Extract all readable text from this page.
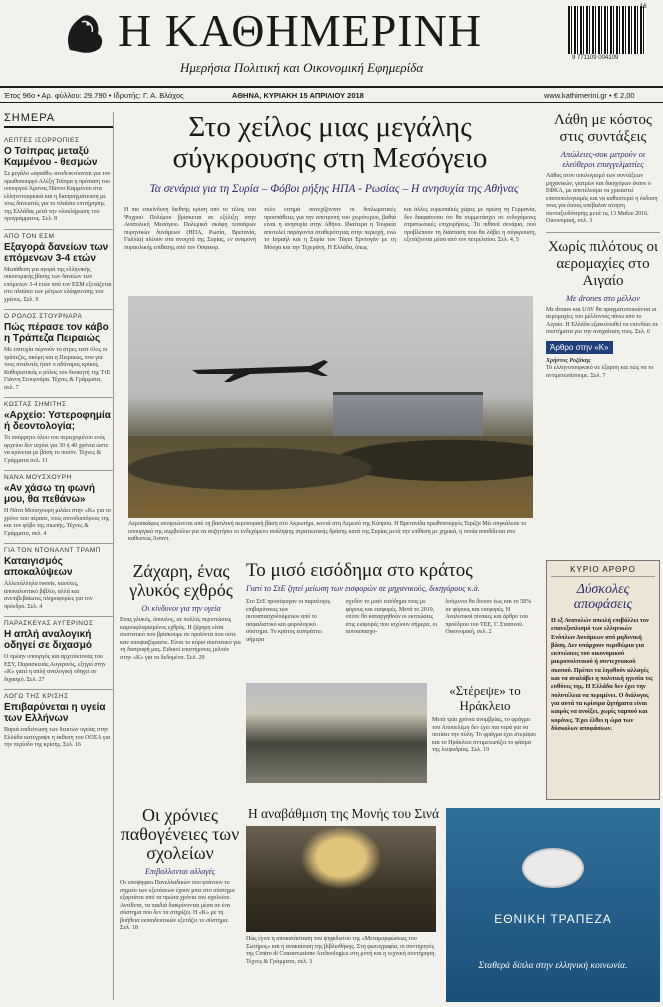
Η ΚΑΘΗΜΕΡΙΝΗ
Ημερήσια Πολιτική και Οικονομική Εφημερίδα
9 771109 004109
16
Έτος 96ο • Αρ. φύλλου: 29.790 • Ιδρυτής: Γ. Α. Βλάχος	ΑΘΗΝΑ, ΚΥΡΙΑΚΗ 15 ΑΠΡΙΛΙΟΥ 2018	www.kathimerini.gr • € 2,00
ΣΗΜΕΡΑ
ΛΕΠΤΕΣ ΙΣΟΡΡΟΠΙΕΣ
Ο Τσίπρας μεταξύ Καμμένου - θεσμών
Σε μεγάλο «αγκάθι» ανοδεικνύονται για τον πρωθυπουργό Αλέξη Τσίπρα η πρόταση του υπουργού Άμυνας Πάνου Καμμένου στα ελληνοτουρκικά και η διαπραγμάτευση με τους δανειστές για το πλαίσιο επιτήρησης της Ελλάδας μετά την ολοκλήρωση του προγράμματος. Σελ. 8
ΑΠΟ ΤΟΝ ΕΣΜ
Εξαγορά δανείων των επόμενων 3-4 ετών
Μεσάθεση για αγορά της ελληνικής οικονομικής βάσης των δανείων των επόμενων 3-4 ετών από τον ΕΣΜ εξετάζεται στο πλαίσιο των μέτρων ελάφρυνσης του χρέους. Σελ. 9
Ο ΡΟΛΟΣ ΣΤΟΥΡΝΑΡΑ
Πώς πέρασε τον κάβο η Τράπεζα Πειραιώς
Με επιτυχία πέρνούν το στρες τεστ όλες οι τράπεζες, ακόμη και η Πειραιώς, που για τους αναλυτές ήταν ο αδύναμος κρίκος. Καθοριστικός ο ρόλος του διοικητή της ΤτΕ Γιάννη Στουρνάρα. Τέχνες & Γράμματα, σελ. 7
ΚΩΣΤΑΣ ΣΗΜΙΤΗΣ
«Αρχείο: Υστεροφημία ή δεοντολογία;
Το απόρρητο όλου του περιεχομένου ενός αρχείου δεν ισχύει για 30 ή 40 χρόνια ώστε να κρίνεται με βάση το ποσόν. Τέχνες & Γράμματα σελ. 11
ΝΑΝΑ ΜΟΥΣΧΟΥΡΗ
«Αν χάσω τη φωνή μου, θα πεθάνω»
Η Νάνα Μούσχουρη μιλάει στην «Κ» για το χρόνο που πέρασε, τους συνοδοιπόρους της και τον φόβο της σιωπής. Τέχνες & Γράμματα, σελ. 4
ΓΙΑ ΤΟΝ ΝΤΟΝΑΛΝΤ ΤΡΑΜΠ
Καταιγισμός αποκαλύψεων
Αλλεπάλληλα tweets, καούτες, αποκαλυπτικό βιβλίο, αλλά και ανεπιβεβαίωτες πληροφορίες για τον πρόεδρο. Σελ. 4
ΠΑΡΑΣΚΕΥΑΣ ΑΥΓΕΡΙΝΟΣ
Η απλή αναλογική οδηγεί σε διχασμό
Ο πρώην υπουργός και αρχιτέκτονας του ΕΣΥ, Παρασκευάς Αυγερινός, εξηγεί στην «Κ» γιατί η απλή αναλογική οδηγεί σε διχασμό. Σελ. 27
ΛΟΓΩ ΤΗΣ ΚΡΙΣΗΣ
Επιβαρύνεται η υγεία των Ελλήνων
Βαριά επιδείνωση των δεικτών υγείας στην Ελλάδα κατέγραψε η έκθεση του ΟΟΣΑ για την περίοδο της κρίσης. Σελ. 16
Στο χείλος μιας μεγάλης σύγκρουσης στη Μεσόγειο
Τα σενάρια για τη Συρία – Φόβοι ρήξης ΗΠΑ - Ρωσίας – Η ανησυχία της Αθήνας

Η πιο επικίνδυνη διεθνής κρίση από το τέλος του Ψυχρού Πολέμου βρίσκεται σε εξέλιξη στην Ανατολική Μεσόγειο. Πολεμικά σκάφη τεσσάρων πυρηνικών δυνάμεων (ΗΠΑ, Ρωσία, Βρετανία, Γαλλία) πλέουν στα ανοιχτά της Συρίας, εν αναμονή πυραυλικής επίθεσης από τον Οσφικορ.

τολο ειτημά συνεχίζονταν οι διπλωματικές προσπάθειες για την αποτροπή του χειρότερου, βαθιά είναι η ανησυχία στην Αθήνα. Ιδιαίτερα η Τουρκία αποτελεί παράγοντα σταθερότητας στην περιοχή, ενώ το Ισραήλ και η Συρία τον Τάγιπ Ερντογάν με τη Μόσχα και την Τεχεράνη. Η Ελλάδα, όπως

και άλλες ευρωπαϊκές χώρες με πρώτη τη Γερμανία, δεν διαφαίνεται ότι θα συμμετάσχει σε ενδεχόμενες στρατιωτικές επιχειρήσεις. Τα πιθανά σενάρια, πού προβλέπουν τη διάσταση που θα λάβει η σύγκρουση, εξετάζονται μέσα από τον πετρελαίου. Σελ. 4, 5

Αεροσκάφος απογειώνεται από τη βασιλική αεροπορική βάση στο Ακρωτήρι, κοντά στη Λεμεσό της Κύπρου. Η Βρετανίδα πρωθυπουργός Τερέζα Μέι συγκάλεσε το υπουργικό της συμβούλιο για να συζητήσει το ενδεχόμενο ανάληψης στρατιωτικής δράσης κατά της Συρίας μετά την επίθεση με χημικά, η οποία αποδίδεται στο καθεστώς Άσαντ.
Λάθη με κόστος στις συντάξεις
Απώλειες-σοκ μετρούν οι ελεύθεροι επαγγελματίες
Λάθος στον υπολογισμό των συντάξεων μηχανικών, γιατρών και δικηγόρων έκανε ο ΕΦΚΑ, με αποτέλεσμα να χρειαστεί επανυπολογισμός και να καθυστερεί η έκδοση τους για όσους υπέβαλαν αίτηση συνταξιοδότησης μετά τις 13 Μαΐου 2016. Οικονομική, σελ. 3
Χωρίς πιλότους οι αερομαχίες στο Αιγαίο
Με drones στο μέλλον
Με drones και UAV θα πραγματοποιούνται οι αερομαχίες του μέλλοντος πάνω από το Αιγαίο. Η Ελλάδα εξακολουθεί να επενδύει σε συστήματα για την αναχαίτιση τους. Σελ. 6
Άρθρο στην «Κ»
Χρήστος Ροζάκης
Το ελληνοτουρκικό σε έξαρση και πώς να το αντιμετωπίσουμε. Σελ. 7
ΚΥΡΙΟ ΑΡΘΡΟ
Δύσκολες αποφάσεις
Η εξ Ανατολών απειλή επιβάλλει τον επανεξοπλισμό των ελληνικών Ενόπλων Δυνάμεων από μηδενική βάση. Δεν υπάρχουν περιθώρια για εκπτώσεις του οικονομικού μικροπολιτικού ή συντεχνιακού σκοπού. Πρέπει να ληφθούν αλλαγές και να αναλάβει η πολιτική ηγεσία τις ευθύνες της. Η Ελλάδα δεν έχει την πολυτέλεια να περιμένει. Ο διάλογος για αυτά τα κρίσιμα ζητήματα είναι καιρός να ανοίξει, χωρίς ταμπού και κορόνες. Έχει έλθει η ώρα των δύσκολων αποφάσεων.
Ζάχαρη, ένας γλυκός εχθρός
Οι κίνδυνοι για την υγεία
Ενας γλυκός, ύπουλος, σε πολλές περιπτώσεις καμουφλαρισμένος εχθρός. Η ζάχαρη είναι συστατικό που βρίσκουμε σε προϊόντα που ούτε καν υποψιαζόμαστε. Είναι το κύριο συστατικό για τη διατροφή μας. Ειδικοί επιστήμονες μιλούν στην «Κ» για τα δεδομένα. Σελ. 29
Το μισό εισόδημα στο κράτος
Γιατί το ΣτΕ ζητεί μείωση των εισφορών σε μηχανικούς, δικηγόρους κ.ά.

Στο ΣτΕ προσέφυγαν οι παραλογες επιβαρύνσεις των αυτοαπασχολούμενων από το ασφαλιστικό και φορολογικό σύστημα. Το κράτος εισπράττει σήμερα

σχεδόν το μισό εισόδημα τους με φόρους και εισφορές. Μετά το 2019, οπότε θα καταργηθούν οι εκπτώσεις στις εισφορές που ισχύουν σήμερα, οι αυτοαπασχο-

λούμενοι θα δίνουν έως και το 58% σε φόρους και εισφορές. Η Αναλυτικοί πίνακες και άρθρο του προέδρου του ΤΕΕ, Γ. Στασινού. Οικονομική, σελ. 2

«Στέρεψε» το Ηράκλειο

Μετά τρία χρόνια ανομβρίας, το φράγμα του Αποσελέμη δεν έχει πια νερά για να ποτίσει την πόλη. Το φράγμα έχει στερέψει και το Ηράκλειο αντιμετωπίζει το φάσμα της λειψυδρίας. Σελ. 19

Οι χρόνιες παθογένειες των σχολείων
Επιβαλλονται αλλαγές
Οι υποψηφιοι Πανελλαδικών που φτάνουν το σημείο των εξετάσεων έχουν μπει στο σύστημα εξαρτάται από τα πρώτα χρόνια του σχολείου. Αντίθετα, τα παιδιά διακρίνονται μέσα σε ένα σύστημα που δεν τα στηρίζει. Η «Κ» με τη βοήθεια εκπαιδευτικών εξετάζει το σύστημα. Σελ. 18
Η αναβάθμιση της Μονής του Σινά
Πώς έγινε η αποκατάσταση του ψηφιδωτού της «Μεταμορφώσεως του Σωτήρος» και η ανακαίνιση της βιβλιοθήκης. Στη φωτογραφία, οι συντηρητές της Centro di Conservazione Archeologica στη μονή και η τεχνική συντήρηση. Τέχνες & Γράμματα, σελ. 3
ΕΘΝΙΚΗ ΤΡΑΠΕΖΑ
Σταθερά δίπλα στην ελληνική κοινωνία.
